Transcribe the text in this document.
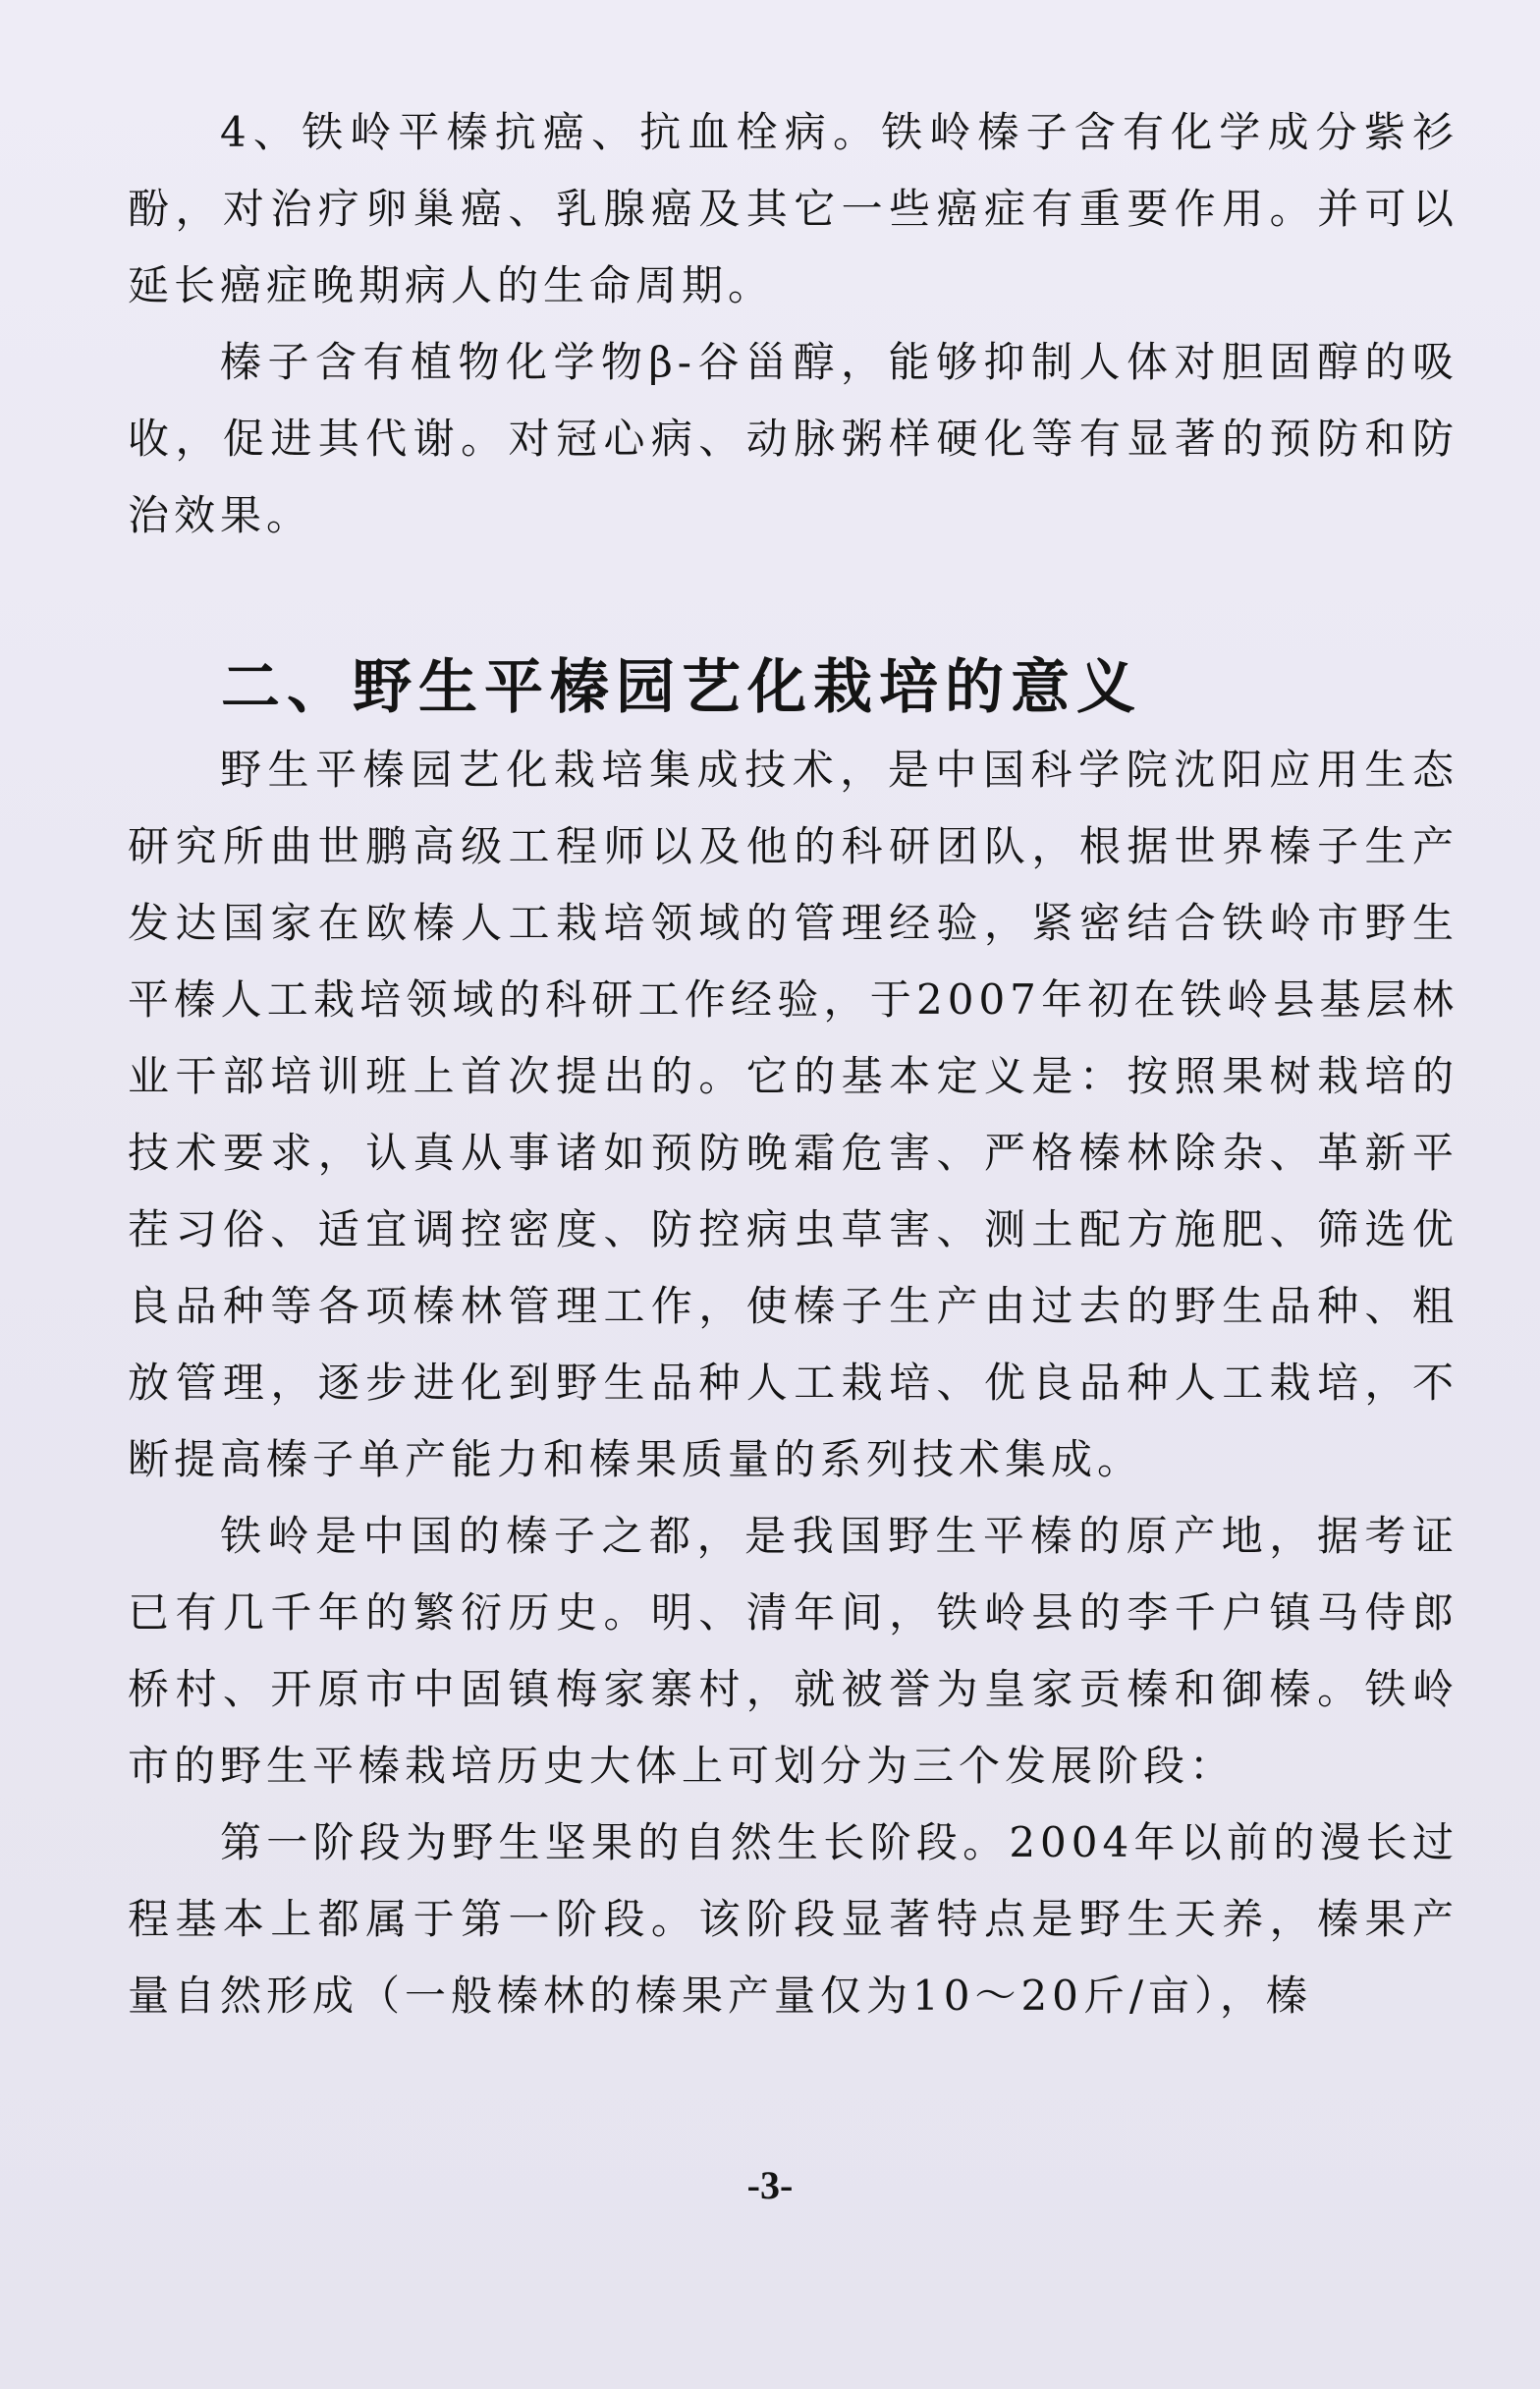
4、铁岭平榛抗癌、抗血栓病。铁岭榛子含有化学成分紫衫酚，对治疗卵巢癌、乳腺癌及其它一些癌症有重要作用。并可以延长癌症晚期病人的生命周期。

榛子含有植物化学物β-谷甾醇，能够抑制人体对胆固醇的吸收，促进其代谢。对冠心病、动脉粥样硬化等有显著的预防和防治效果。

二、野生平榛园艺化栽培的意义

野生平榛园艺化栽培集成技术，是中国科学院沈阳应用生态研究所曲世鹏高级工程师以及他的科研团队，根据世界榛子生产发达国家在欧榛人工栽培领域的管理经验，紧密结合铁岭市野生平榛人工栽培领域的科研工作经验，于2007年初在铁岭县基层林业干部培训班上首次提出的。它的基本定义是：按照果树栽培的技术要求，认真从事诸如预防晚霜危害、严格榛林除杂、革新平茬习俗、适宜调控密度、防控病虫草害、测土配方施肥、筛选优良品种等各项榛林管理工作，使榛子生产由过去的野生品种、粗放管理，逐步进化到野生品种人工栽培、优良品种人工栽培，不断提高榛子单产能力和榛果质量的系列技术集成。

铁岭是中国的榛子之都，是我国野生平榛的原产地，据考证已有几千年的繁衍历史。明、清年间，铁岭县的李千户镇马侍郎桥村、开原市中固镇梅家寨村，就被誉为皇家贡榛和御榛。铁岭市的野生平榛栽培历史大体上可划分为三个发展阶段：

第一阶段为野生坚果的自然生长阶段。2004年以前的漫长过程基本上都属于第一阶段。该阶段显著特点是野生天养，榛果产量自然形成（一般榛林的榛果产量仅为10～20斤/亩），榛

-3-
